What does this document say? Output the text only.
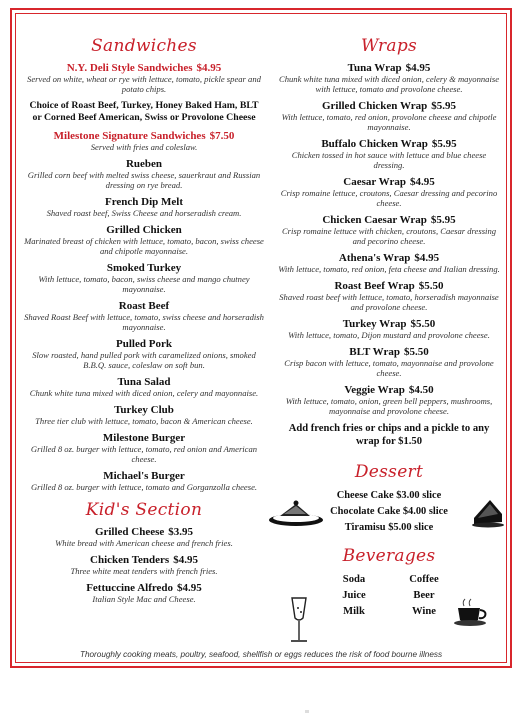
Sandwiches
N.Y. Deli Style Sandwiches $4.95
Served on white, wheat or rye with lettuce, tomato, pickle spear and potato chips.
Choice of Roast Beef, Turkey, Honey Baked Ham, BLT or Corned Beef American, Swiss or Provolone Cheese
Milestone Signature Sandwiches $7.50
Served with fries and coleslaw.
Rueben
Grilled corn beef with melted swiss cheese, sauerkraut and Russian dressing on rye bread.
French Dip Melt
Shaved roast beef, Swiss Cheese and horseradish cream.
Grilled Chicken
Marinated breast of chicken with lettuce, tomato, bacon, swiss cheese and chipotle mayonnaise.
Smoked Turkey
With lettuce, tomato, bacon, swiss cheese and mango chutney mayonnaise.
Roast Beef
Shaved Roast Beef with lettuce, tomato, swiss cheese and horseradish mayonnaise.
Pulled Pork
Slow roasted, hand pulled pork with caramelized onions, smoked B.B.Q. sauce, coleslaw on soft bun.
Tuna Salad
Chunk white tuna mixed with diced onion, celery and mayonnaise.
Turkey Club
Three tier club with lettuce, tomato, bacon & American cheese.
Milestone Burger
Grilled 8 oz. burger with lettuce, tomato, red onion and American cheese.
Michael's Burger
Grilled 8 oz. burger with lettuce, tomato and Gorganzolla cheese.
Kid's Section
Grilled Cheese $3.95
White bread with American cheese and french fries.
Chicken Tenders $4.95
Three white meat tenders with french fries.
Fettuccine Alfredo $4.95
Italian Style Mac and Cheese.
Wraps
Tuna Wrap $4.95
Chunk white tuna mixed with diced onion, celery & mayonnaise with lettuce, tomato and provolone cheese.
Grilled Chicken Wrap $5.95
With lettuce, tomato, red onion, provolone cheese and chipotle mayonnaise.
Buffalo Chicken Wrap $5.95
Chicken tossed in hot sauce with lettuce and blue cheese dressing.
Caesar Wrap $4.95
Crisp romaine lettuce, croutons, Caesar dressing and pecorino cheese.
Chicken Caesar Wrap $5.95
Crisp romaine lettuce with chicken, croutons, Caesar dressing and pecorino cheese.
Athena's Wrap $4.95
With lettuce, tomato, red onion, feta cheese and Italian dressing.
Roast Beef Wrap $5.50
Shaved roast beef with lettuce, tomato, horseradish mayonnaise and provolone cheese.
Turkey Wrap $5.50
With lettuce, tomato, Dijon mustard and provolone cheese.
BLT Wrap $5.50
Crisp bacon with lettuce, tomato, mayonnaise and provolone cheese.
Veggie Wrap $4.50
With lettuce, tomato, onion, green bell peppers, mushrooms, mayonnaise and provolone cheese.
Add french fries or chips and a pickle to any wrap for $1.50
Dessert
Cheese Cake $3.00 slice
Chocolate Cake $4.00 slice
Tiramisu $5.00 slice
Beverages
Soda	Coffee
Juice	Beer
Milk	Wine
Thoroughly cooking meats, poultry, seafood, shellfish or eggs reduces the risk of food bourne illness
